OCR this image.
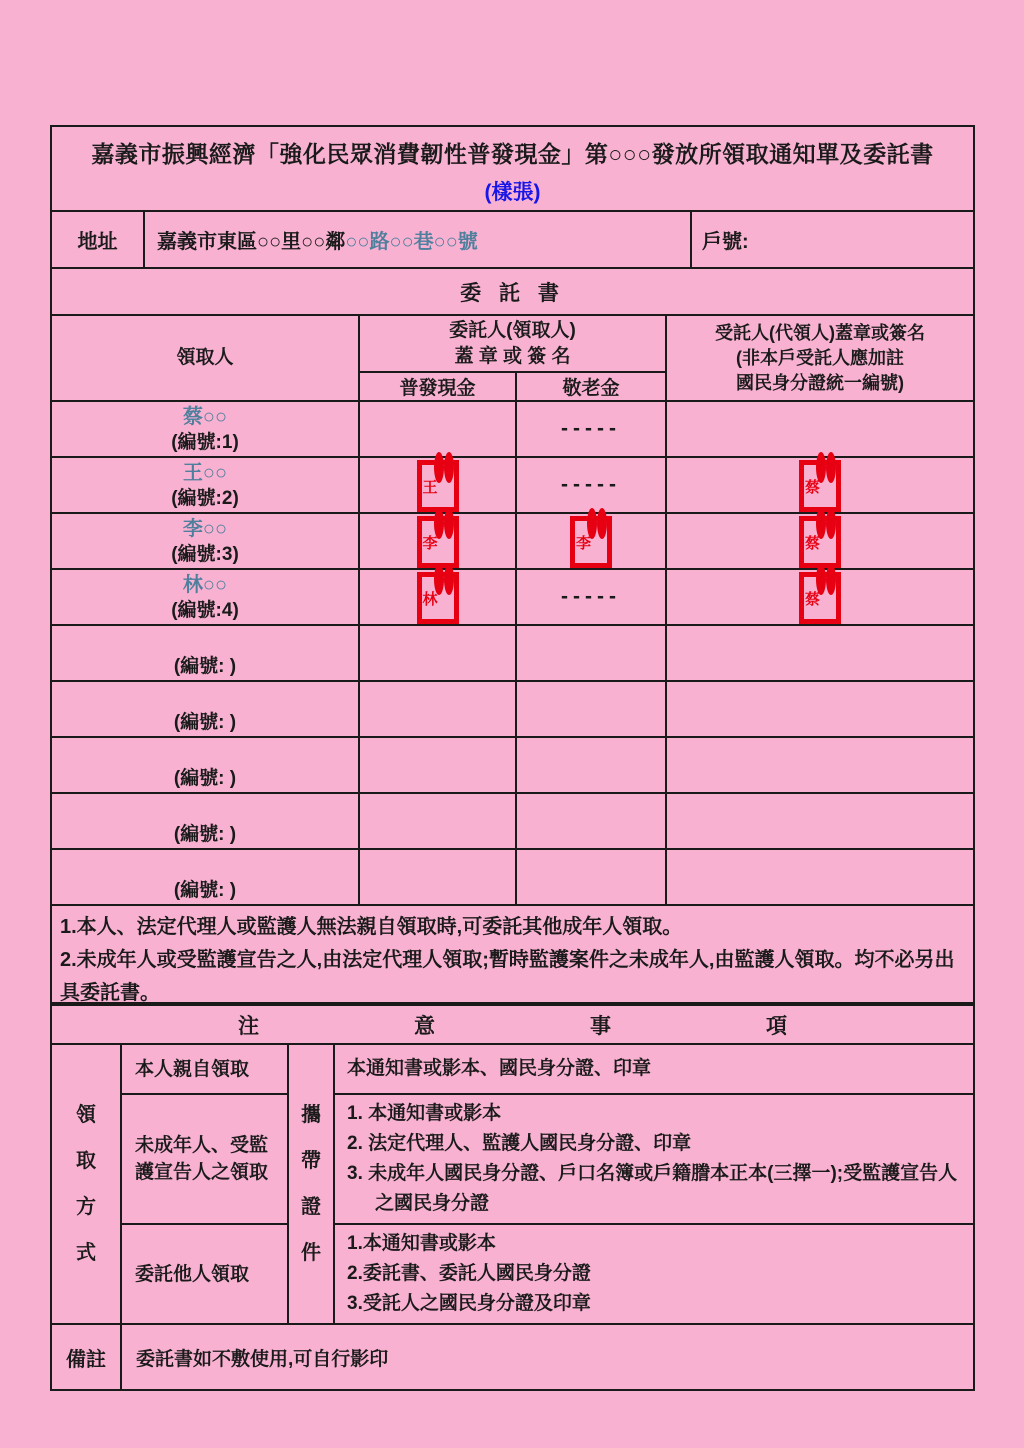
嘉義市振興經濟「強化民眾消費韌性普發現金」第○○○發放所領取通知單及委託書
(樣張)
地址	嘉義市東區○○里○○鄰 ○○路○○巷○○號	戶號:
委 託 書
領取人

委託人(領取人)
蓋 章 或 簽 名

受託人(代領人)蓋章或簽名
(非本戶受託人應加註
國民身分證統一編號)

	普發現金	敬老金	

蔡○○
(編號:1)		-----	

王○○
(編號:2)	王	-----	蔡

李○○
(編號:3)	李	李	蔡

林○○
(編號:4)	林	-----	蔡

(編號: )			

(編號: )			

(編號: )			

(編號: )			

(編號: )			

1.本人、法定代理人或監護人無法親自領取時,可委託其他成年人領取。
2.未成年人或受監護宣告之人,由法定代理人領取;暫時監護案件之未成年人,由監護人領取。均不必另出具委託書。
注	意	事	項
領
取
方
式	本人親自領取	攜
帶
證
件	本通知書或影本、國民身分證、印章

	未成年人、受監護宣告人之領取		1. 本通知書或影本
2. 法定代理人、監護人國民身分證、印章
3. 未成年人國民身分證、戶口名簿或戶籍謄本正本(三擇一);受監護宣告人之國民身分證

	委託他人領取		1.本通知書或影本
2.委託書、委託人國民身分證
3.受託人之國民身分證及印章

備註	委託書如不敷使用,可自行影印		
